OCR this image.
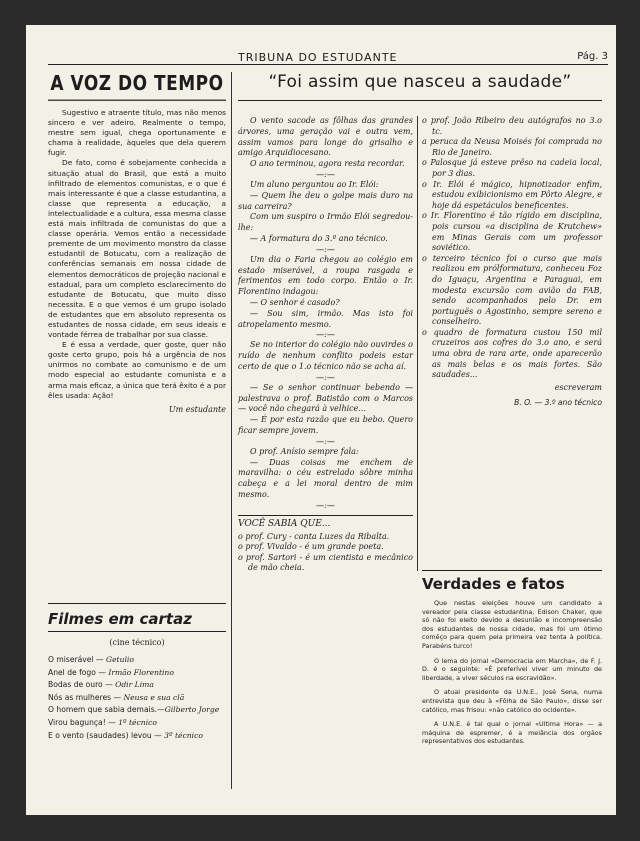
TRIBUNA DO ESTUDANTE	Pág. 3
A VOZ DO TEMPO

Sugestivo e atraente título, mas não menos sincero e ver adeiro. Realmente o tempo, mestre sem igual, chega oportunamente e chama à realidade, àqueles que dela querem fugir.

De fato, como é sobejamente conhecida a situação atual do Brasil, que está a muito infiltrado de elementos comunistas, e o que é mais interessante é que a classe estudantina, a classe que representa a educação, a intelectualidade e a cultura, essa mesma classe está mais infiltrada de comunistas do que a classe operária. Vemos então a necessidade premente de um movimento monstro da classe estudantil de Botucatu, com a realização de conferências semanais em nossa cidade de elementos democráticos de projeção nacional e estadual, para um completo esclarecimento do estudante de Botucatu, que muito disso necessita. E o que vemos é um grupo isolado de estudantes que em absoluto representa os estudantes de nossa cidade, em seus ideais e vontade férrea de trabalhar por sua classe.

E é essa a verdade, quer goste, quer não goste certo grupo, pois há a urgência de nos unirmos no combate ao comunismo e de um modo especial ao estudante comunista e a arma mais eficaz, a única que terá êxito é a por êles usada: Ação!

Um estudante
Filmes em cartaz
(cine técnico)
O miserável — Getulio
Anel de fogo — Irmão Florentino
Bodas de ouro — Odir Lima
Nós as mulheres — Neusa e sua clã
O homem que sabia demais.—Gilberto Jorge
Virou bagunça! — 1º técnico
E o vento (saudades) levou — 3º técnico
“Foi assim que nasceu a saudade”
O vento sacode as fôlhas das grandes árvores, uma geração vai e outra vem, assim vamos para longe do grisalho e amigo Arquidiocesano.
O ano terminou, agora resta recordar.
—:—
Um aluno perguntou ao Ir. Elói:
— Quem lhe deu o golpe mais duro na sua carreira?
Com um suspiro o Irmão Elói segredou-lhe:
— A formatura do 3.º ano técnico.
—:—
Um dia o Faria chegou ao colégio em estado miserável, a roupa rasgada e ferimentos em todo corpo. Então o Ir. Florentino indagou:
— O senhor é casado?
— Sou sim, irmão. Mas isto foi atropelamento mesmo.
—:—
Se no interior do colégio não ouvirdes o ruído de nenhum conflito podeis estar certo de que o 1.o técnico não se acha aí.
—:—
— Se o senhor continuar bebendo — palestrava o prof. Batistão com o Marcos — você não chegará à velhice...
— É por esta razão que eu bebo. Quero ficar sempre jovem.
—:—
O prof. Anísio sempre fala:
— Duas coisas me enchem de maravilha: o céu estrelado sôbre minha cabeça e a lei moral dentro de mim mesmo.
—:—
VOCÊ SABIA QUE...
o prof. Cury - canta Luzes da Ribalta.
o prof. Vivaldo - é um grande poeta.
o prof. Sartori - é um cientista e mecânico de mão cheia.
o prof. João Ribeiro deu autógrafos no 3.o tc.
a peruca da Neusa Moisés foi comprada no Rio de Janeiro.
o Palosque já esteve prêso na cadeia local, por 3 dias.
o Ir. Elói é mágico, hipnotizador enfim, estudou exibicionismo em Pôrto Alegre, e hoje dá espetáculos beneficentes.
o Ir. Florentino é tão rígido em disciplina, pois cursou «a disciplina de Krutchew» em Minas Gerais com um professor soviético.
o terceiro técnico foi o curso que mais realizou em prólformatura, conheceu Foz do Iguaçu, Argentina e Paraguai, em modesta excursão com avião da FAB, sendo acompanhados pelo Dr. em portuguës o Agostinho, sempre sereno e conselheiro.
o quadro de formatura custou 150 mil cruzeiros aos cofres do 3.o ano, e será uma obra de rara arte, onde aparecerão as mais belas e os mais fortes. São saudades...
escreveram
B. O. — 3.º ano técnico
Verdades e fatos

Que nestas eleições houve um candidato a vereador pela classe estudantina, Edison Chaker, que só não foi eleito devido a desunião e incompreensão dos estudantes de nossa cidade, mas foi um ótimo comêço para quem pela primeira vez tenta à política. Parabéns turco!

O lema do jornal «Democracia em Marcha», de F. J. D. é o seguinte: «É preferível viver um minuto de liberdade, a viver séculos na escravidão».

O atual presidente da U.N.E., José Sena, numa entrevista que deu à «Fôlha de São Paulo», disse ser católico, mas frisou: «não católico do ocidente».

A U.N.E. é tal qual o jornal «Ultima Hora» — a máquina de espremer, é a melância dos orgãos representativos dos estudantes.
